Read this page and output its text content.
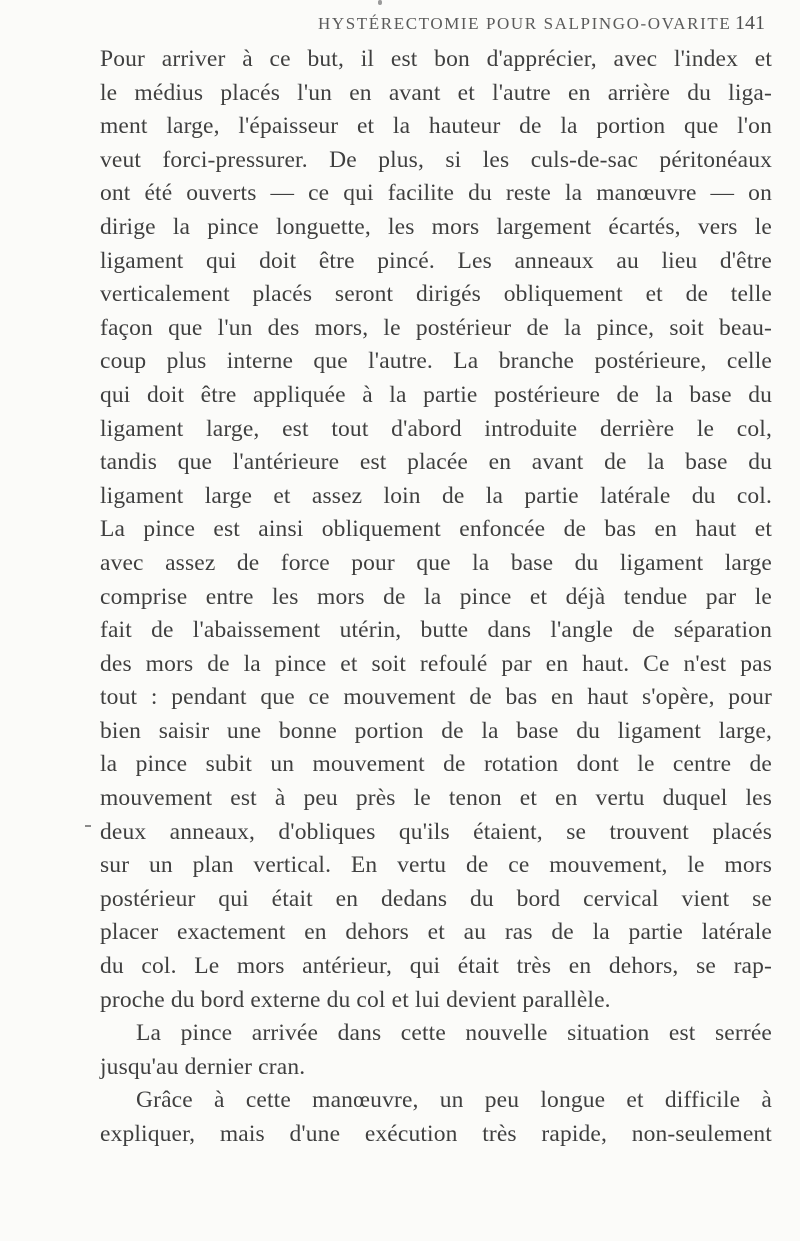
HYSTÉRECTOMIE POUR SALPINGO-OVARITE 141
Pour arriver à ce but, il est bon d'apprécier, avec l'index et
le médius placés l'un en avant et l'autre en arrière du liga-
ment large, l'épaisseur et la hauteur de la portion que l'on
veut forci-pressurer. De plus, si les culs-de-sac péritonéaux
ont été ouverts — ce qui facilite du reste la manœuvre — on
dirige la pince longuette, les mors largement écartés, vers le
ligament qui doit être pincé. Les anneaux au lieu d'être
verticalement placés seront dirigés obliquement et de telle
façon que l'un des mors, le postérieur de la pince, soit beau-
coup plus interne que l'autre. La branche postérieure, celle
qui doit être appliquée à la partie postérieure de la base du
ligament large, est tout d'abord introduite derrière le col,
tandis que l'antérieure est placée en avant de la base du
ligament large et assez loin de la partie latérale du col.
La pince est ainsi obliquement enfoncée de bas en haut et
avec assez de force pour que la base du ligament large
comprise entre les mors de la pince et déjà tendue par le
fait de l'abaissement utérin, butte dans l'angle de séparation
des mors de la pince et soit refoulé par en haut. Ce n'est pas
tout : pendant que ce mouvement de bas en haut s'opère, pour
bien saisir une bonne portion de la base du ligament large,
la pince subit un mouvement de rotation dont le centre de
mouvement est à peu près le tenon et en vertu duquel les
deux anneaux, d'obliques qu'ils étaient, se trouvent placés
sur un plan vertical. En vertu de ce mouvement, le mors
postérieur qui était en dedans du bord cervical vient se
placer exactement en dehors et au ras de la partie latérale
du col. Le mors antérieur, qui était très en dehors, se rap-
proche du bord externe du col et lui devient parallèle.
La pince arrivée dans cette nouvelle situation est serrée
jusqu'au dernier cran.
Grâce à cette manœuvre, un peu longue et difficile à
expliquer, mais d'une exécution très rapide, non-seulement
